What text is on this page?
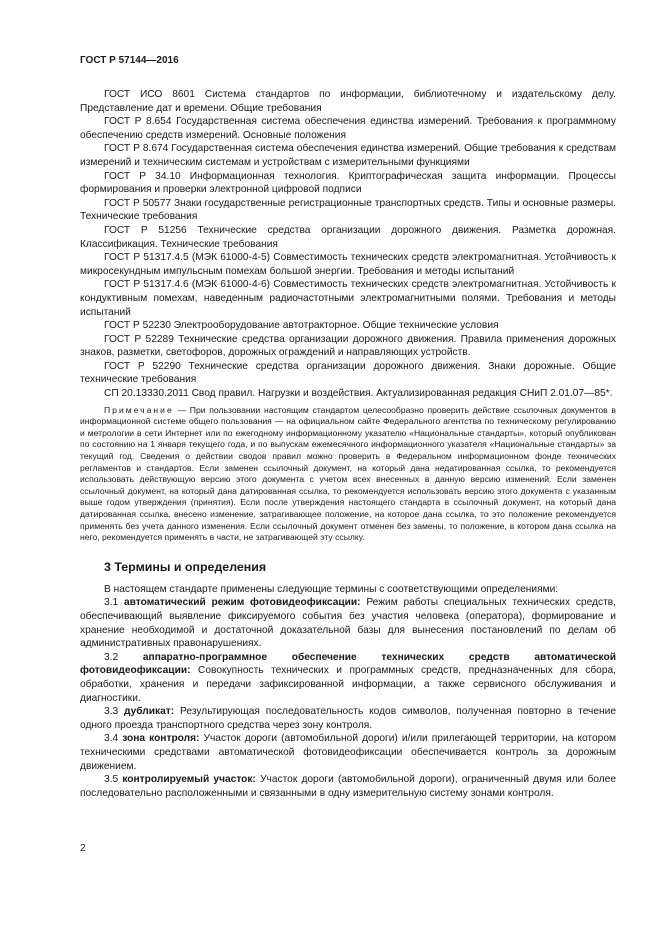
ГОСТ Р 57144—2016

ГОСТ ИСО 8601 Система стандартов по информации, библиотечному и издательскому делу. Представление дат и времени. Общие требования

ГОСТ Р 8.654 Государственная система обеспечения единства измерений. Требования к программному обеспечению средств измерений. Основные положения

ГОСТ Р 8.674 Государственная система обеспечения единства измерений. Общие требования к средствам измерений и техническим системам и устройствам с измерительными функциями

ГОСТ Р 34.10 Информационная технология. Криптографическая защита информации. Процессы формирования и проверки электронной цифровой подписи

ГОСТ Р 50577 Знаки государственные регистрационные транспортных средств. Типы и основные размеры. Технические требования

ГОСТ Р 51256 Технические средства организации дорожного движения. Разметка дорожная. Классификация. Технические требования

ГОСТ Р 51317.4.5 (МЭК 61000-4-5) Совместимость технических средств электромагнитная. Устойчивость к микросекундным импульсным помехам большой энергии. Требования и методы испытаний

ГОСТ Р 51317.4.6 (МЭК 61000-4-6) Совместимость технических средств электромагнитная. Устойчивость к кондуктивным помехам, наведенным радиочастотными электромагнитными полями. Требования и методы испытаний

ГОСТ Р 52230 Электрооборудование автотракторное. Общие технические условия

ГОСТ Р 52289 Технические средства организации дорожного движения. Правила применения дорожных знаков, разметки, светофоров, дорожных ограждений и направляющих устройств.

ГОСТ Р 52290 Технические средства организации дорожного движения. Знаки дорожные. Общие технические требования

СП 20.13330.2011 Свод правил. Нагрузки и воздействия. Актуализированная редакция СНиП 2.01.07—85*.

Примечание — При пользовании настоящим стандартом целесообразно проверить действие ссылочных документов в информационной системе общего пользования — на официальном сайте Федерального агентства по техническому регулированию и метрологии в сети Интернет или по ежегодному информационному указателю «Национальные стандарты», который опубликован по состоянию на 1 января текущего года, и по выпускам ежемесячного информационного указателя «Национальные стандарты» за текущий год. Сведения о действии сводов правил можно проверить в Федеральном информационном фонде технических регламентов и стандартов. Если заменен ссылочный документ, на который дана недатированная ссылка, то рекомендуется использовать действующую версию этого документа с учетом всех внесенных в данную версию изменений. Если заменен ссылочный документ, на который дана датированная ссылка, то рекомендуется использовать версию этого документа с указанным выше годом утверждения (принятия). Если после утверждения настоящего стандарта в ссылочный документ, на который дана датированная ссылка, внесено изменение, затрагивающее положение, на которое дана ссылка, то это положение рекомендуется применять без учета данного изменения. Если ссылочный документ отменен без замены, то положение, в котором дана ссылка на него, рекомендуется применять в части, не затрагивающей эту ссылку.

3 Термины и определения

В настоящем стандарте применены следующие термины с соответствующими определениями:

3.1 автоматический режим фотовидеофиксации: Режим работы специальных технических средств, обеспечивающий выявление фиксируемого события без участия человека (оператора), формирование и хранение необходимой и достаточной доказательной базы для вынесения постановлений по делам об административных правонарушениях.

3.2 аппаратно-программное обеспечение технических средств автоматической фотовидеофиксации: Совокупность технических и программных средств, предназначенных для сбора, обработки, хранения и передачи зафиксированной информации, а также сервисного обслуживания и диагностики.

3.3 дубликат: Результирующая последовательность кодов символов, полученная повторно в течение одного проезда транспортного средства через зону контроля.

3.4 зона контроля: Участок дороги (автомобильной дороги) и/или прилегающей территории, на котором техническими средствами автоматической фотовидеофиксации обеспечивается контроль за дорожным движением.

3.5 контролируемый участок: Участок дороги (автомобильной дороги), ограниченный двумя или более последовательно расположенными и связанными в одну измерительную систему зонами контроля.

2
